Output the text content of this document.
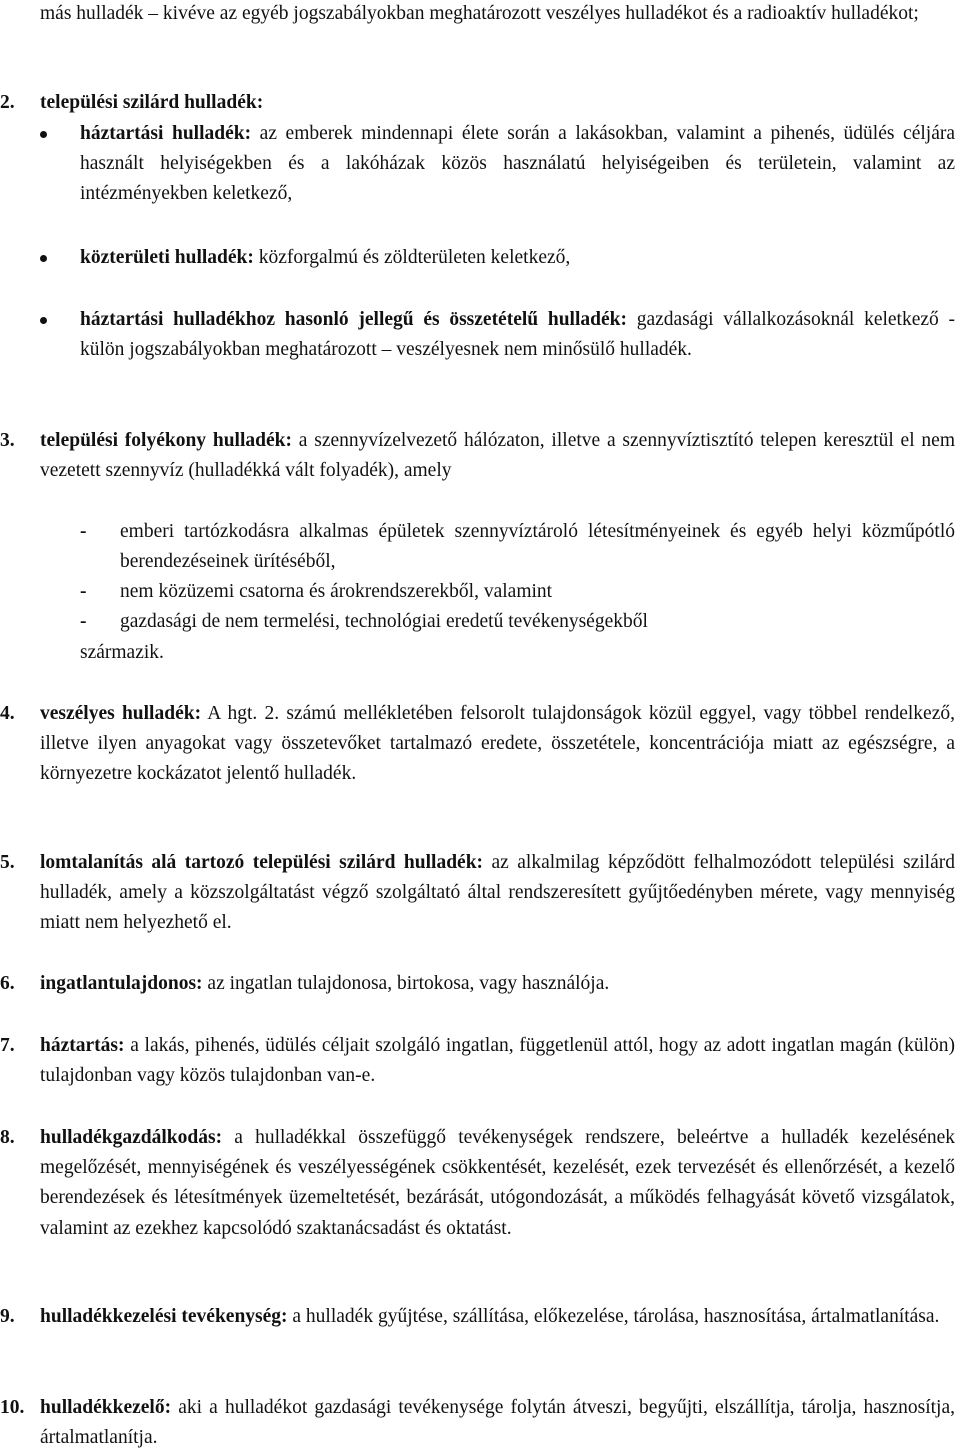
más hulladék – kivéve az egyéb jogszabályokban meghatározott veszélyes hulladékot és a radioaktív hulladékot;
2.	települési szilárd hulladék:
háztartási hulladék: az emberek mindennapi élete során a lakásokban, valamint a pihenés, üdülés céljára használt helyiségekben és a lakóházak közös használatú helyiségeiben és területein, valamint az intézményekben keletkező,
közterületi hulladék: közforgalmú és zöldterületen keletkező,
háztartási hulladékhoz hasonló jellegű és összetételű hulladék: gazdasági vállalkozásoknál keletkező - külön jogszabályokban meghatározott – veszélyesnek nem minősülő hulladék.
3.	települési folyékony hulladék: a szennyvízelvezető hálózaton, illetve a szennyvíztisztító telepen keresztül el nem vezetett szennyvíz (hulladékká vált folyadék), amely
- emberi tartózkodásra alkalmas épületek szennyvíztároló létesítményeinek és egyéb helyi közműpótló berendezéseinek ürítéséből,
- nem közüzemi csatorna és árokrendszerekből, valamint
- gazdasági de nem termelési, technológiai eredetű tevékenységekből
származik.
4.	veszélyes hulladék: A hgt. 2. számú mellékletében felsorolt tulajdonságok közül eggyel, vagy többel rendelkező, illetve ilyen anyagokat vagy összetevőket tartalmazó eredete, összetétele, koncentrációja miatt az egészségre, a környezetre kockázatot jelentő hulladék.
5.	lomtalanítás alá tartozó települési szilárd hulladék: az alkalmilag képződött felhalmozódott települési szilárd hulladék, amely a közszolgáltatást végző szolgáltató által rendszeresített gyűjtőedényben mérete, vagy mennyiség miatt nem helyezhető el.
6.	ingatlantulajdonos: az ingatlan tulajdonosa, birtokosa, vagy használója.
7.	háztartás: a lakás, pihenés, üdülés céljait szolgáló ingatlan, függetlenül attól, hogy az adott ingatlan magán (külön) tulajdonban vagy közös tulajdonban van-e.
8.	hulladékgazdálkodás: a hulladékkal összefüggő tevékenységek rendszere, beleértve a hulladék kezelésének megelőzését, mennyiségének és veszélyességének csökkentését, kezelését, ezek tervezését és ellenőrzését, a kezelő berendezések és létesítmények üzemeltetését, bezárását, utógondozását, a működés felhagyását követő vizsgálatok, valamint az ezekhez kapcsolódó szaktanácsadást és oktatást.
9.	hulladékkezelési tevékenység: a hulladék gyűjtése, szállítása, előkezelése, tárolása, hasznosítása, ártalmatlanítása.
10. hulladékkezelő: aki a hulladékot gazdasági tevékenysége folytán átveszi, begyűjti, elszállítja, tárolja, hasznosítja, ártalmatlanítja.
